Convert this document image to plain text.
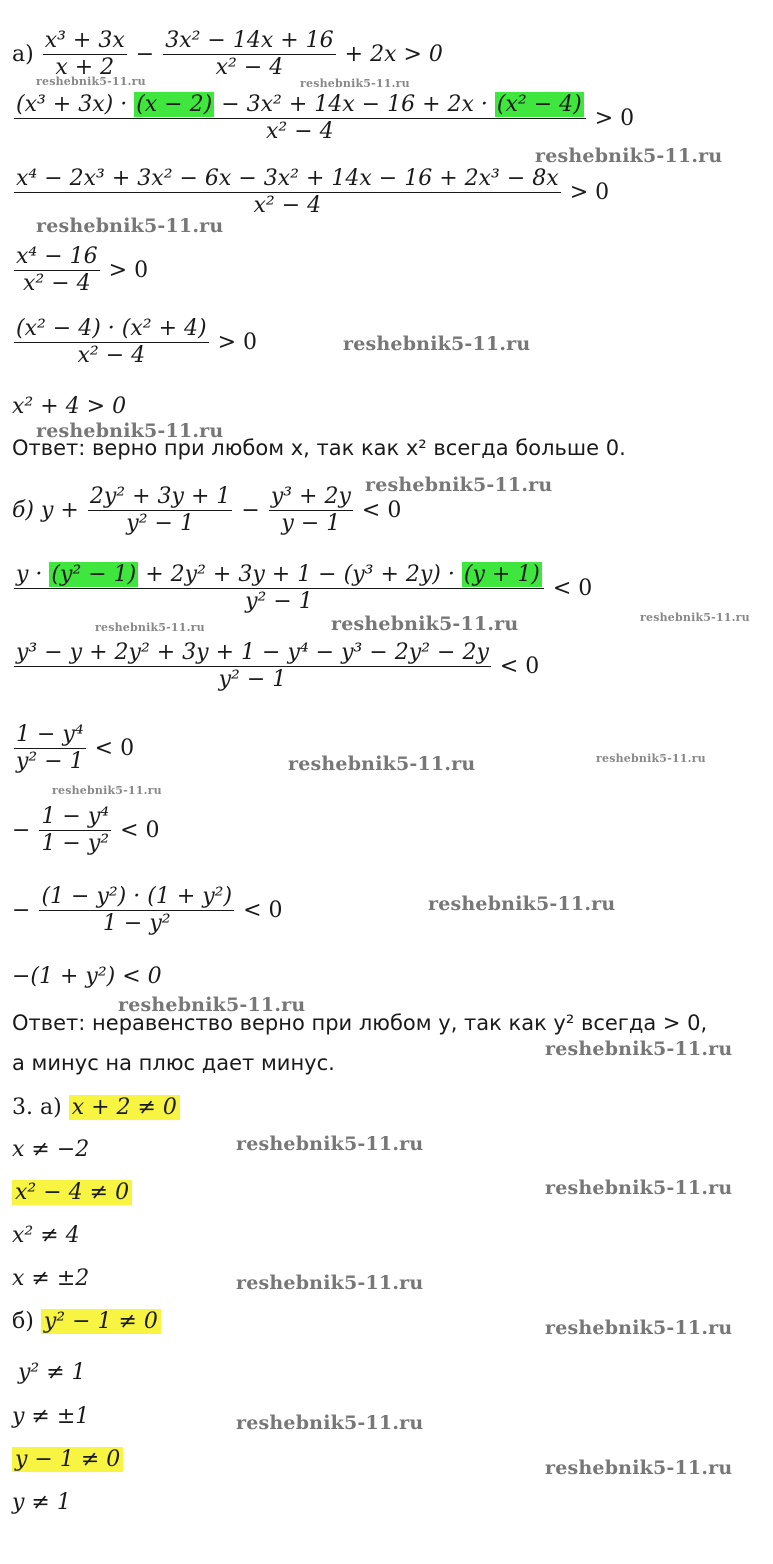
$а) \frac{\text{x³ + 3x}}{x + 2} - \frac{\text{3x² − 14x + 16}}{\text{x² − 4}} + 2x > 0$
$\frac{\text{(x³ + 3x) · (x − 2) − 3x² + 14x − 16 + 2x · (x² − 4)}}{\text{x² − 4}} > 0$
$\frac{\text{x⁴ − 2x³ + 3x² − 6x − 3x² + 14x − 16 + 2x³ − 8x}}{\text{x² − 4}} > 0$
$\frac{\text{x⁴ − 16}}{\text{x² − 4}} > 0$
$\frac{\text{(x² − 4) · (x² + 4)}}{\text{x² − 4}} > 0$
x² + 4 > 0
Ответ: верно при любом x, так как x² всегда больше 0.
б) $y + \frac{\text{2y² + 3y + 1}}{\text{y² − 1}} - \frac{\text{y³ + 2y}}{y - 1} < 0$
$\frac{\text{y · (y² − 1) + 2y² + 3y + 1 − (y³ + 2y) · (y + 1)}}{\text{y² − 1}} < 0$
$\frac{\text{y³ − y + 2y² + 3y + 1 − y⁴ − y³ − 2y² − 2y}}{\text{y² − 1}} < 0$
$\frac{\text{1 − y⁴}}{\text{y² − 1}} < 0$
− $\frac{\text{1 − y⁴}}{\text{1 − y²}} < 0$
− $\frac{\text{(1 − y²) · (1 + y²)}}{\text{1 − y²}} < 0$
−(1 + y²) < 0
Ответ: неравенство верно при любом y, так как y² всегда > 0,
а минус на плюс дает минус.
3. а) x + 2 ≠ 0
x ≠ −2
x² − 4 ≠ 0
x² ≠ 4
x ≠ ±2
б) y² − 1 ≠ 0
y² ≠ 1
y ≠ ±1
y − 1 ≠ 0
y ≠ 1
reshebnik5-11.ru	reshebnik5-11.ru
reshebnik5-11.ru
reshebnik5-11.ru
reshebnik5-11.ru
reshebnik5-11.ru
reshebnik5-11.ru
reshebnik5-11.ru	reshebnik5-11.ru	reshebnik5-11.ru
reshebnik5-11.ru	reshebnik5-11.ru
reshebnik5-11.ru
reshebnik5-11.ru
reshebnik5-11.ru
reshebnik5-11.ru
reshebnik5-11.ru
reshebnik5-11.ru
reshebnik5-11.ru
reshebnik5-11.ru
reshebnik5-11.ru
reshebnik5-11.ru
